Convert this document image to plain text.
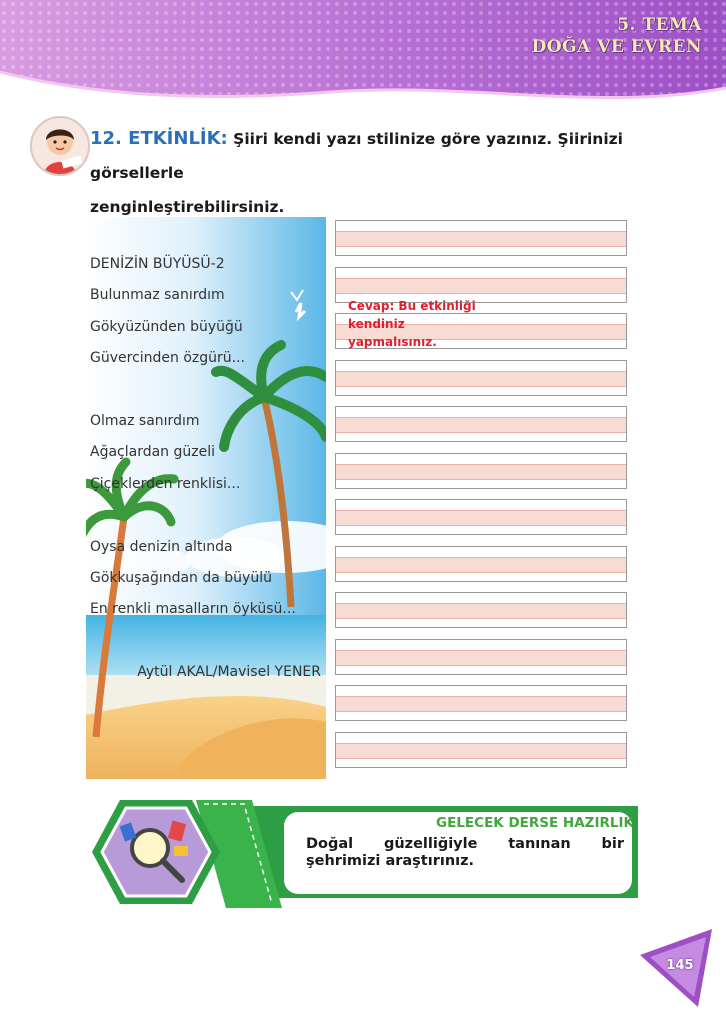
5. TEMA
DOĞA VE EVREN
12. ETKİNLİK: Şiiri kendi yazı stilinize göre yazınız. Şiirinizi görsellerle
zenginleştirebilirsiniz.
DENİZİN BÜYÜSÜ-2
Bulunmaz sanırdım
Gökyüzünden büyüğü
Güvercinden özgürü...
Olmaz sanırdım
Ağaçlardan güzeli
Çiçeklerden renklisi...
Oysa denizin altında
Gökkuşağından da büyülü
En renkli masalların öyküsü...
Aytül AKAL/Mavisel YENER
Cevap: Bu etkinliği
kendiniz
yapmalısınız.
GELECEK DERSE HAZIRLIK
Doğal güzelliğiyle tanınan bir şehrimizi araştırınız.
145
